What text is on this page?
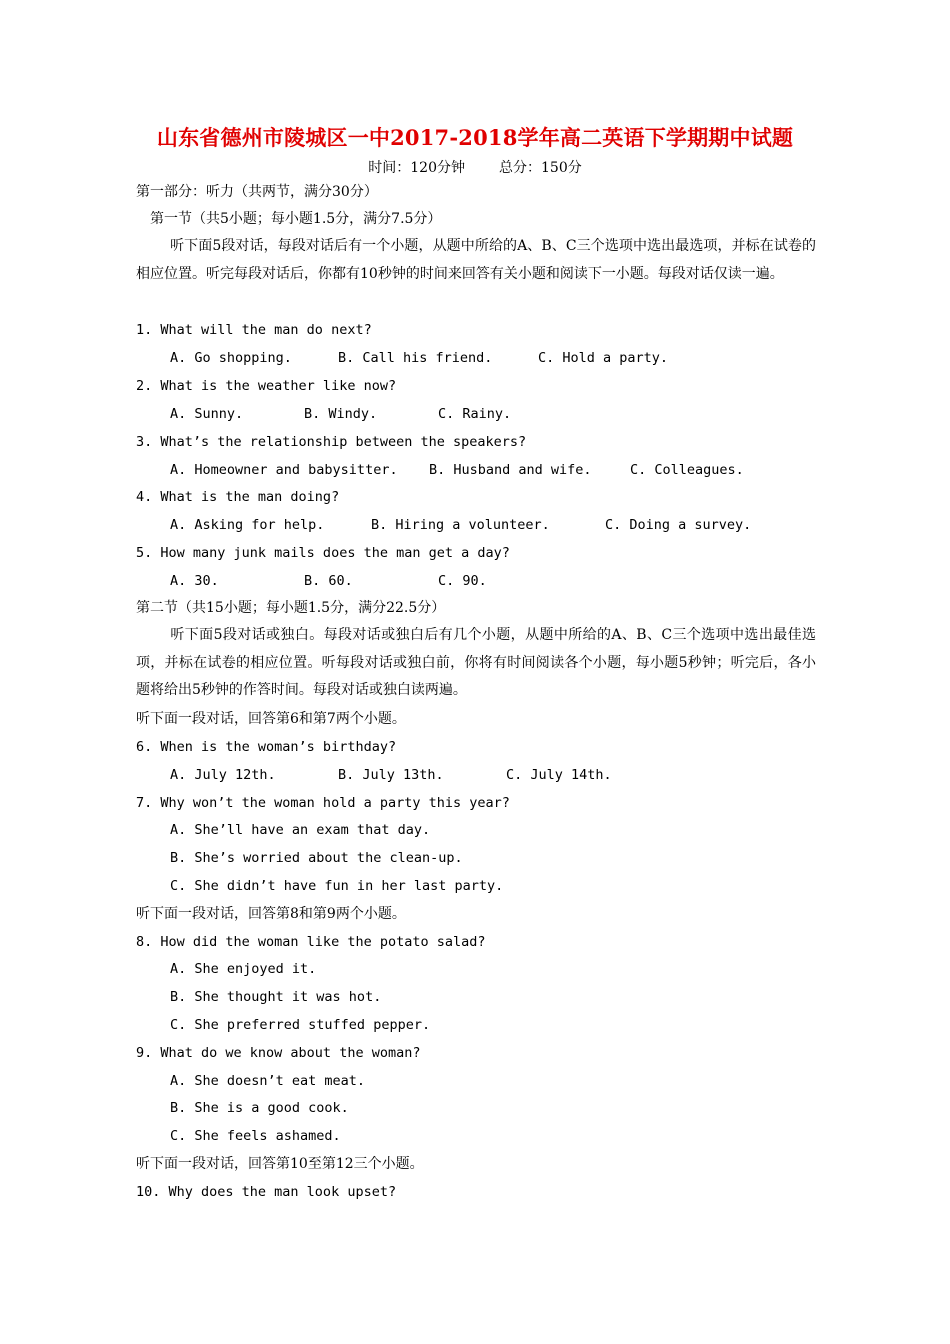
山东省德州市陵城区一中2017-2018学年高二英语下学期期中试题
时间：120分钟 总分：150分
第一部分：听力（共两节，满分30分）
第一节（共5小题；每小题1.5分，满分7.5分）
听下面5段对话，每段对话后有一个小题，从题中所给的A、B、C三个选项中选出最选项，并标在试卷的相应位置。听完每段对话后，你都有10秒钟的时间来回答有关小题和阅读下一小题。每段对话仅读一遍。
1. What will the man do next?
A. Go shopping.	B. Call his friend.	C. Hold a party.
2. What is the weather like now?
A. Sunny.	B. Windy.	C. Rainy.
3. What’s the relationship between the speakers?
A. Homeowner and babysitter. B. Husband and wife.	C. Colleagues.
4. What is the man doing?
A. Asking for help.	B. Hiring a volunteer.	C. Doing a survey.
5. How many junk mails does the man get a day?
A. 30.	B. 60.	C. 90.
第二节（共15小题；每小题1.5分，满分22.5分）
听下面5段对话或独白。每段对话或独白后有几个小题，从题中所给的A、B、C三个选项中选出最佳选项，并标在试卷的相应位置。听每段对话或独白前，你将有时间阅读各个小题，每小题5秒钟；听完后，各小题将给出5秒钟的作答时间。每段对话或独白读两遍。
听下面一段对话，回答第6和第7两个小题。
6. When is the woman’s birthday?
A. July 12th.	B. July 13th.	C. July 14th.
7. Why won’t the woman hold a party this year?
A. She’ll have an exam that day.
B. She’s worried about the clean-up.
C. She didn’t have fun in her last party.
听下面一段对话，回答第8和第9两个小题。
8. How did the woman like the potato salad?
A. She enjoyed it.
B. She thought it was hot.
C. She preferred stuffed pepper.
9. What do we know about the woman?
A. She doesn’t eat meat.
B. She is a good cook.
C. She feels ashamed.
听下面一段对话，回答第10至第12三个小题。
10. Why does the man look upset?
